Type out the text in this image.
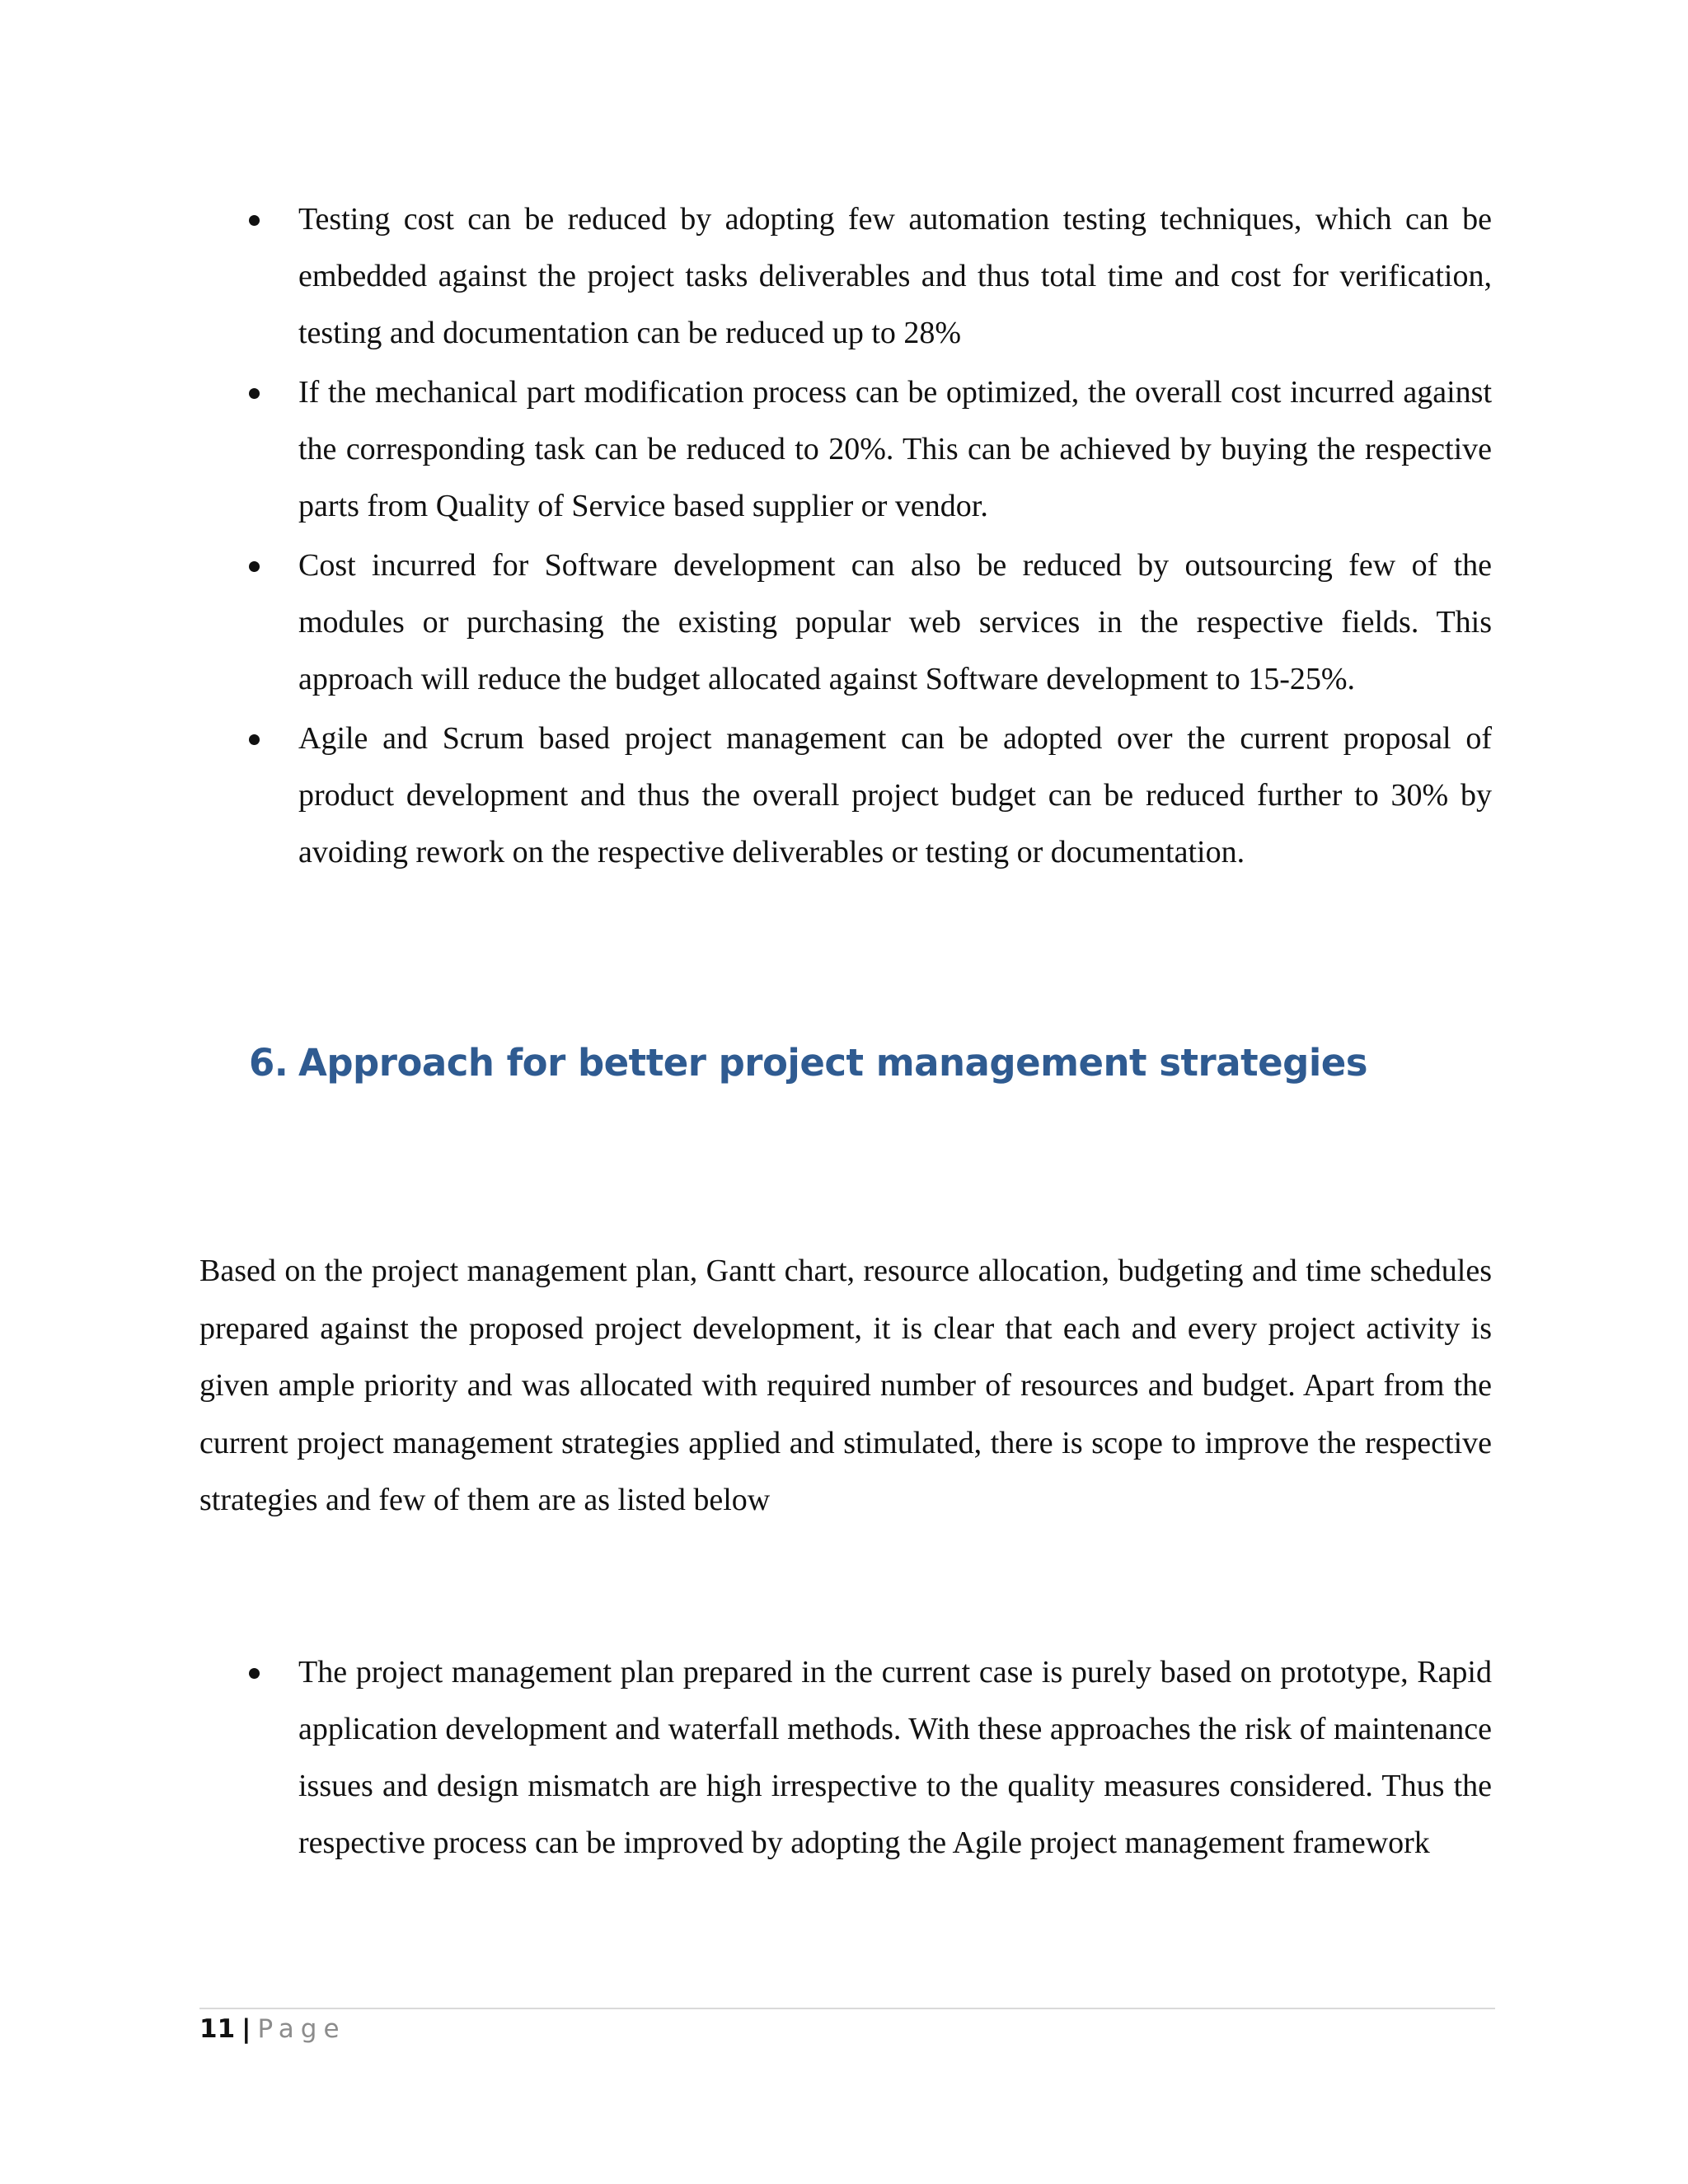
Testing cost can be reduced by adopting few automation testing techniques, which can be embedded against the project tasks deliverables and thus total time and cost for verification, testing and documentation can be reduced up to 28%
If the mechanical part modification process can be optimized, the overall cost incurred against the corresponding task can be reduced to 20%. This can be achieved by buying the respective parts from Quality of Service based supplier or vendor.
Cost incurred for Software development can also be reduced by outsourcing few of the modules or purchasing the existing popular web services in the respective fields. This approach will reduce the budget allocated against Software development to 15-25%.
Agile and Scrum based project management can be adopted over the current proposal of product development and thus the overall project budget can be reduced further to 30% by avoiding rework on the respective deliverables or testing or documentation.
6. Approach for better project management strategies

Based on the project management plan, Gantt chart, resource allocation, budgeting and time schedules prepared against the proposed project development, it is clear that each and every project activity is given ample priority and was allocated with required number of resources and budget. Apart from the current project management strategies applied and stimulated, there is scope to improve the respective strategies and few of them are as listed below

The project management plan prepared in the current case is purely based on prototype, Rapid application development and waterfall methods. With these approaches the risk of maintenance issues and design mismatch are high irrespective to the quality measures considered. Thus the respective process can be improved by adopting the Agile project management framework
11 | Page
